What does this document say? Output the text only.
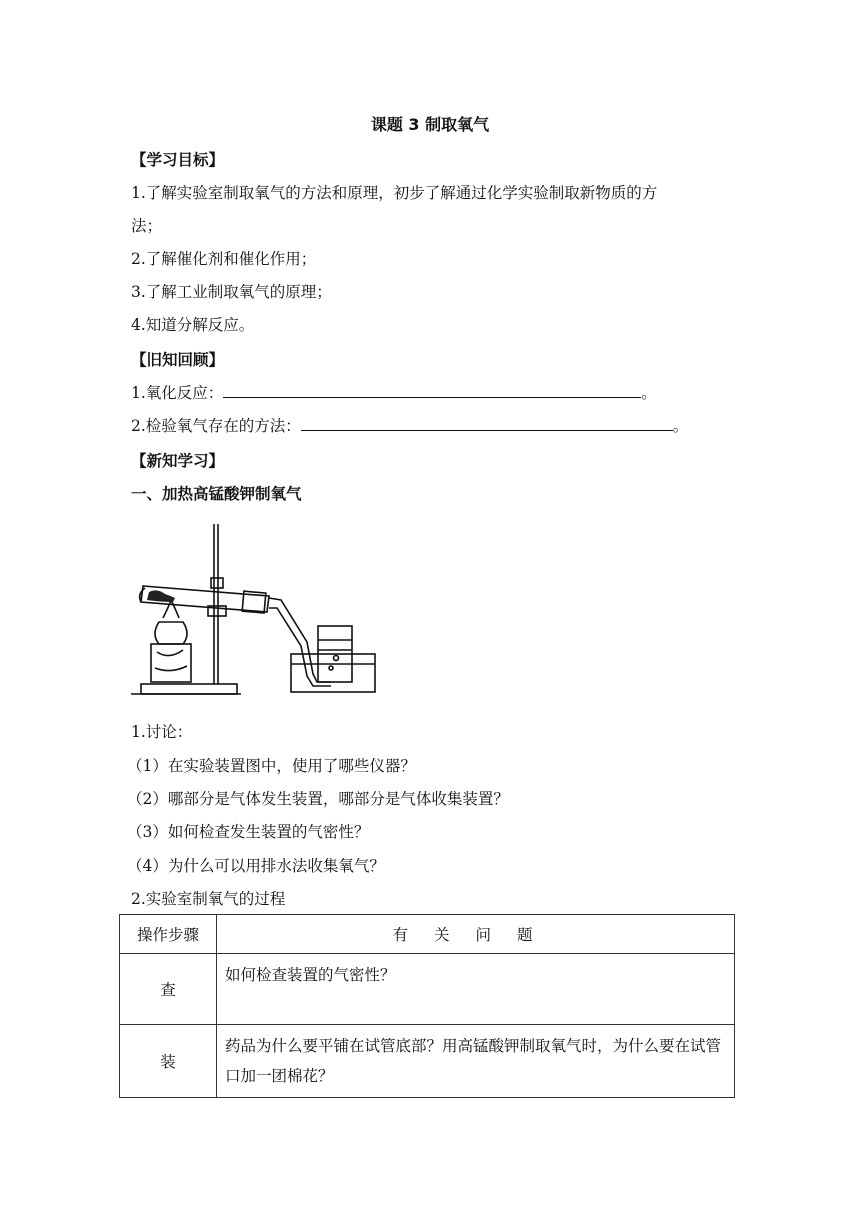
课题 3 制取氧气
【学习目标】
1.了解实验室制取氧气的方法和原理，初步了解通过化学实验制取新物质的方
法；
2.了解催化剂和催化作用；
3.了解工业制取氧气的原理；
4.知道分解反应。
【旧知回顾】
1.氧化反应：	。
2.检验氧气存在的方法：	。
【新知学习】
一、加热高锰酸钾制氧气
1.讨论：
（1）在实验装置图中，使用了哪些仪器？
（2）哪部分是气体发生装置，哪部分是气体收集装置？
（3）如何检查发生装置的气密性？
（4）为什么可以用排水法收集氧气？
2.实验室制氧气的过程
操作步骤	有关问题
查	如何检查装置的气密性？
装	药品为什么要平铺在试管底部？用高锰酸钾制取氧气时，为什么要在试管口加一团棉花？
